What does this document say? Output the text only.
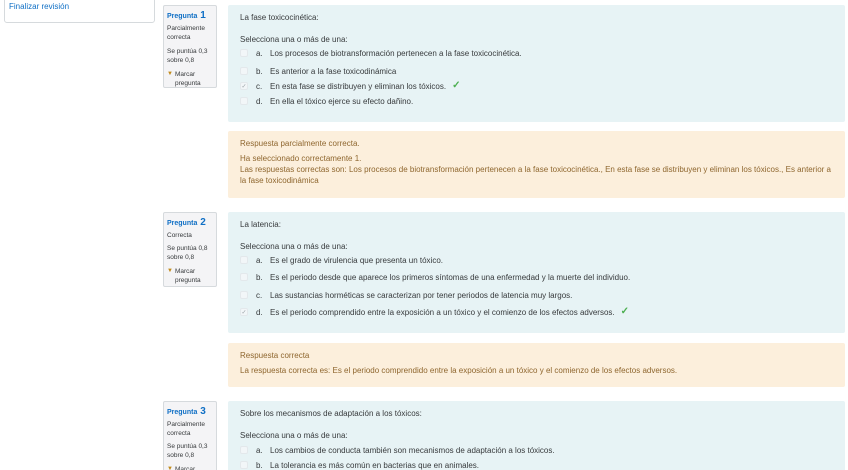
Finalizar revisión
Pregunta 1
Parcialmente correcta
Se puntúa 0,3 sobre 0,8
▼ Marcar pregunta
La fase toxicocinética:
Selecciona una o más de una:
a. Los procesos de biotransformación pertenecen a la fase toxicocinética.
b. Es anterior a la fase toxicodinámica
✓ c. En esta fase se distribuyen y eliminan los tóxicos. ✓
d. En ella el tóxico ejerce su efecto dañino.
Respuesta parcialmente correcta.
Ha seleccionado correctamente 1.
Las respuestas correctas son: Los procesos de biotransformación pertenecen a la fase toxicocinética., En esta fase se distribuyen y eliminan los tóxicos., Es anterior a la fase toxicodinámica
Pregunta 2
Correcta
Se puntúa 0,8 sobre 0,8
▼ Marcar pregunta
La latencia:
Selecciona una o más de una:
a. Es el grado de virulencia que presenta un tóxico.
b. Es el periodo desde que aparece los primeros síntomas de una enfermedad y la muerte del individuo.
c. Las sustancias horméticas se caracterizan por tener periodos de latencia muy largos.
✓ d. Es el periodo comprendido entre la exposición a un tóxico y el comienzo de los efectos adversos. ✓
Respuesta correcta
La respuesta correcta es: Es el periodo comprendido entre la exposición a un tóxico y el comienzo de los efectos adversos.
Pregunta 3
Parcialmente correcta
Se puntúa 0,3 sobre 0,8
▼ Marcar
Sobre los mecanismos de adaptación a los tóxicos:
Selecciona una o más de una:
a. Los cambios de conducta también son mecanismos de adaptación a los tóxicos.
b. La tolerancia es más común en bacterias que en animales.
